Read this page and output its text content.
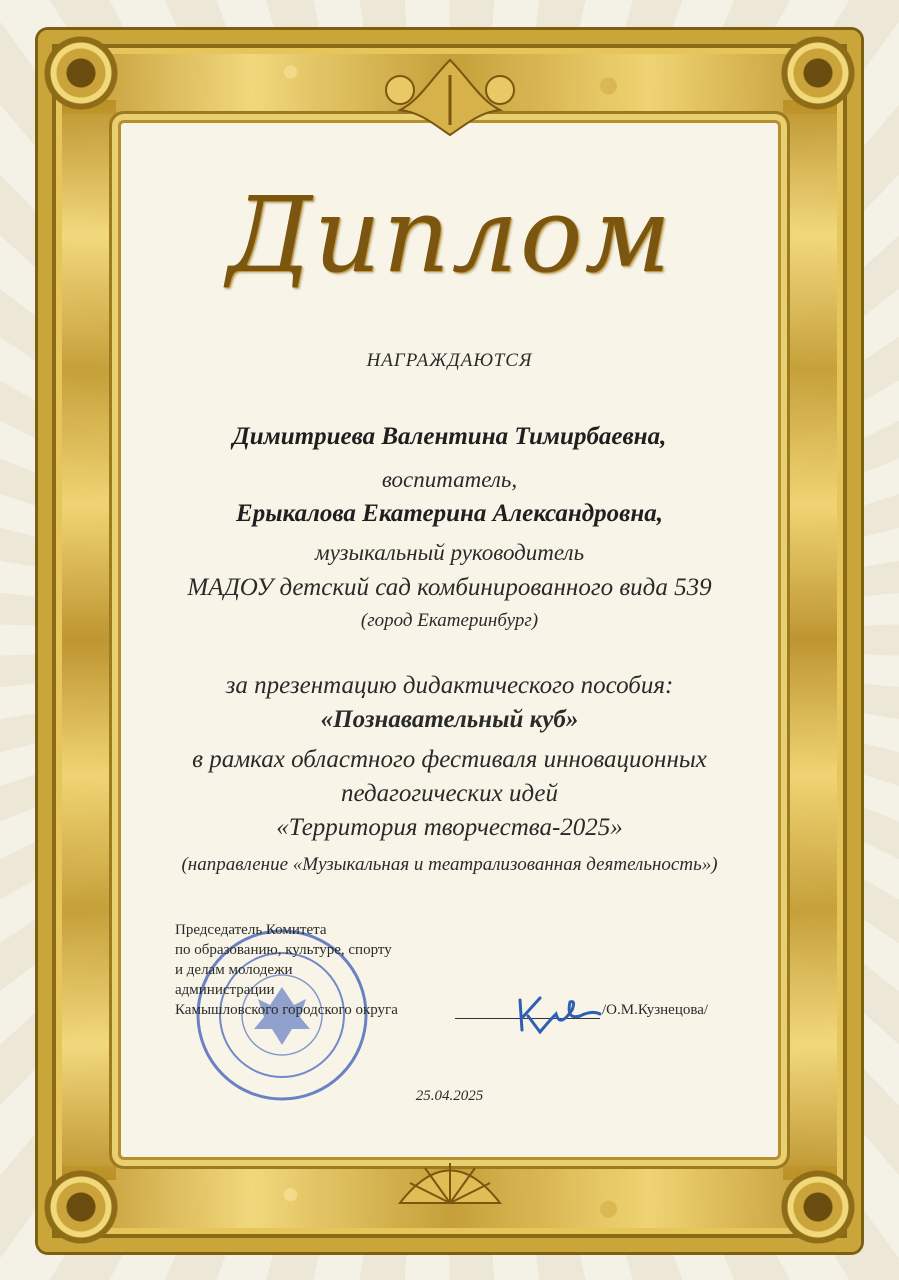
Диплом
НАГРАЖДАЮТСЯ
Димитриева Валентина Тимирбаевна,
воспитатель,
Ерыкалова Екатерина Александровна,
музыкальный руководитель
МАДОУ детский сад комбинированного вида 539
(город Екатеринбург)
за презентацию дидактического пособия:
«Познавательный куб»
в рамках областного фестиваля инновационных
педагогических идей
«Территория творчества-2025»
(направление «Музыкальная и театрализованная деятельность»)
Председатель Комитета
по образованию, культуре, спорту
и делам молодежи
администрации
Камышловского городского округа	/О.М.Кузнецова/
25.04.2025
